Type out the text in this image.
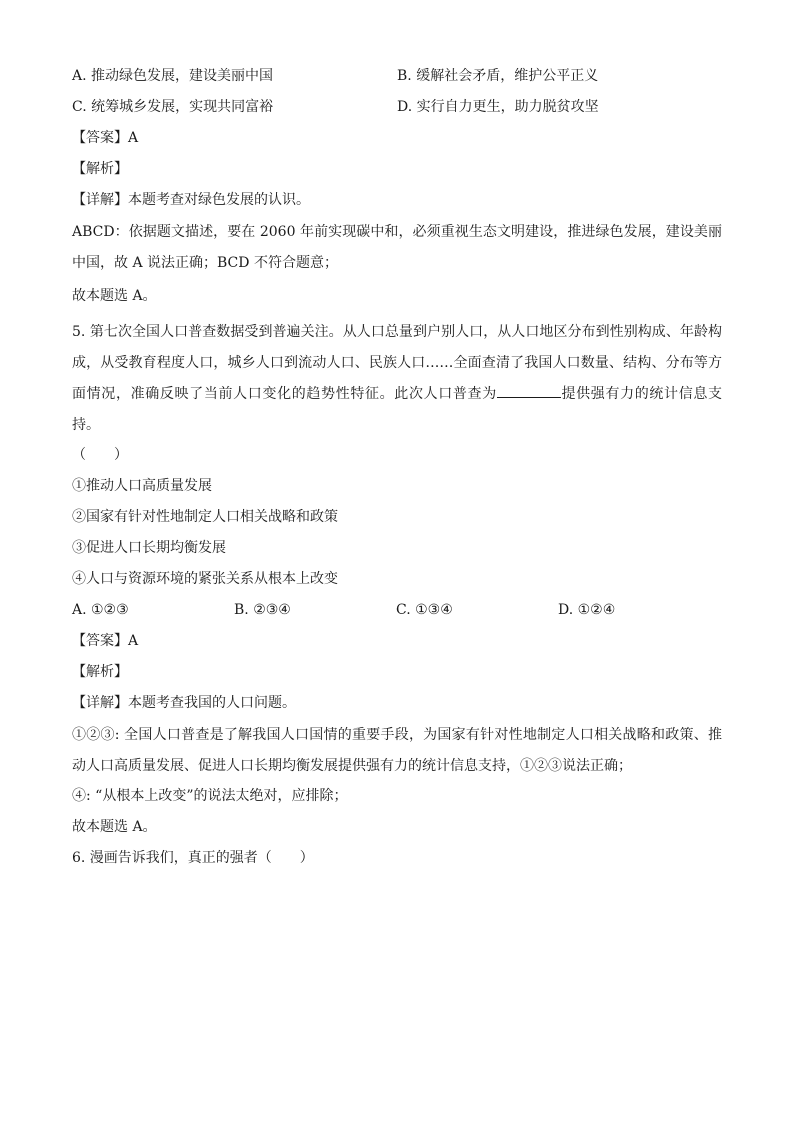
A. 推动绿色发展，建设美丽中国	B. 缓解社会矛盾，维护公平正义
C. 统筹城乡发展，实现共同富裕	D. 实行自力更生，助力脱贫攻坚
【答案】A
【解析】
【详解】本题考查对绿色发展的认识。
ABCD：依据题文描述，要在 2060 年前实现碳中和，必须重视生态文明建设，推进绿色发展，建设美丽中国，故 A 说法正确；BCD 不符合题意；
故本题选 A。
5. 第七次全国人口普查数据受到普遍关注。从人口总量到户别人口，从人口地区分布到性别构成、年龄构成，从受教育程度人口，城乡人口到流动人口、民族人口……全面查清了我国人口数量、结构、分布等方面情况，准确反映了当前人口变化的趋势性特征。此次人口普查为	提供强有力的统计信息支持。
（　　）
①推动人口高质量发展
②国家有针对性地制定人口相关战略和政策
③促进人口长期均衡发展
④人口与资源环境的紧张关系从根本上改变
A. ①②③	B. ②③④	C. ①③④	D. ①②④
【答案】A
【解析】
【详解】本题考查我国的人口问题。
①②③: 全国人口普查是了解我国人口国情的重要手段，为国家有针对性地制定人口相关战略和政策、推动人口高质量发展、促进人口长期均衡发展提供强有力的统计信息支持，①②③说法正确；
④: “从根本上改变”的说法太绝对，应排除；
故本题选 A。
6. 漫画告诉我们，真正的强者（　　）
